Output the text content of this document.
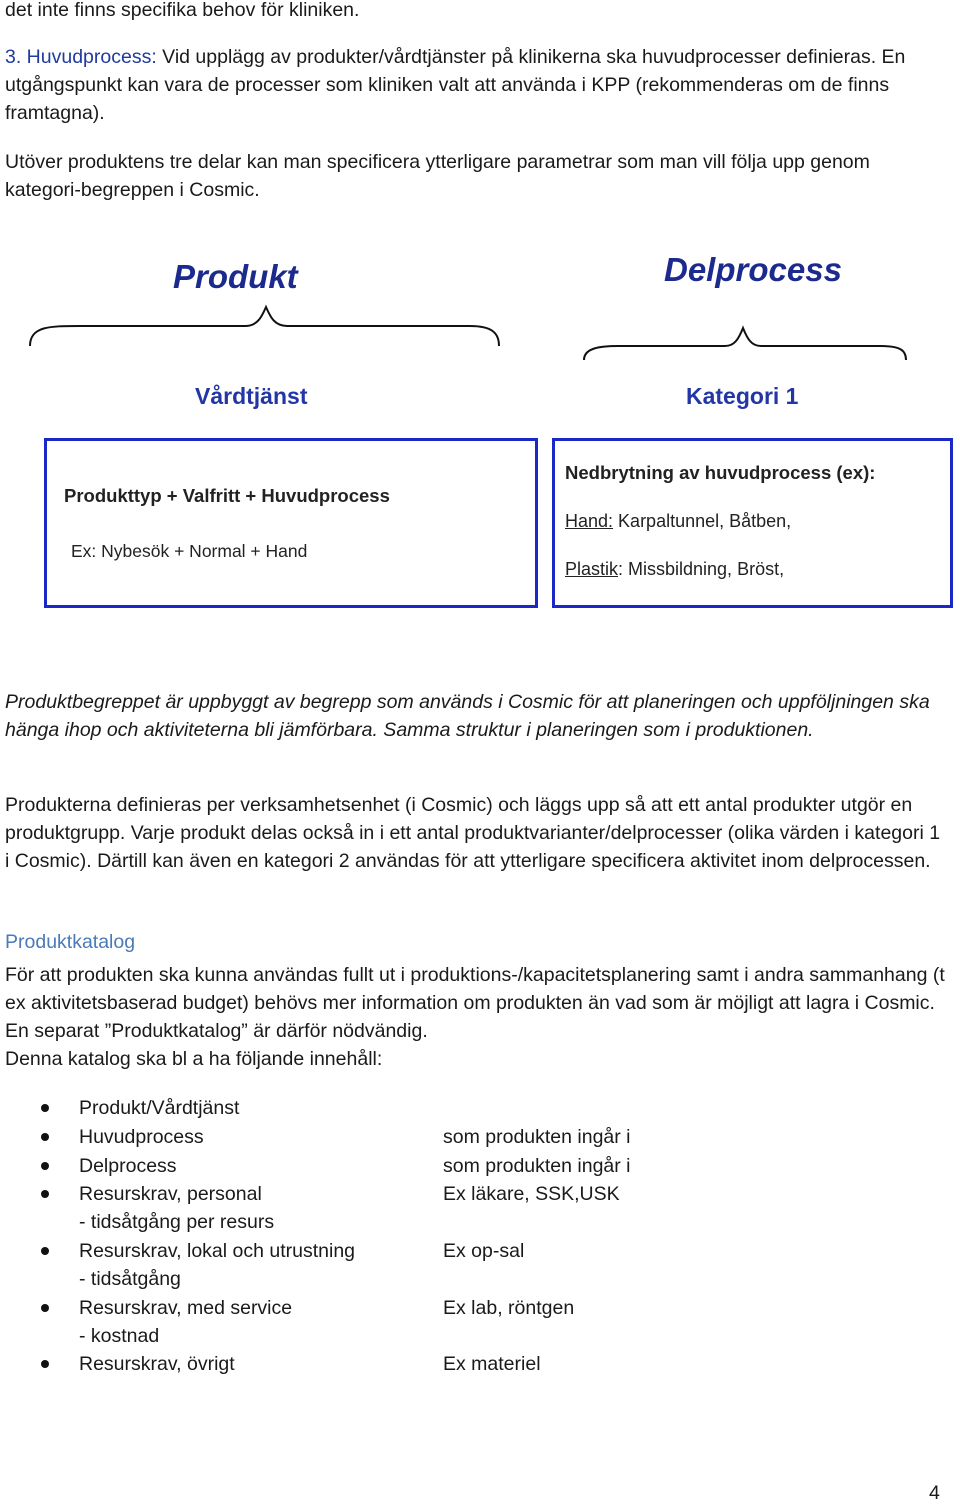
det inte finns specifika behov för kliniken.
3. Huvudprocess: Vid upplägg av produkter/vårdtjänster på klinikerna ska huvudprocesser definieras. En utgångspunkt kan vara de processer som kliniken valt att använda i KPP (rekommenderas om de finns framtagna).
Utöver produktens tre delar kan man specificera ytterligare parametrar som man vill följa upp genom kategori-begreppen i Cosmic.
Produkt	Delprocess
Vårdtjänst	Kategori 1
Produkttyp + Valfritt + Huvudprocess
Ex: Nybesök + Normal + Hand
Nedbrytning av huvudprocess (ex):
Hand: Karpaltunnel, Båtben,
Plastik: Missbildning, Bröst,
Produktbegreppet är uppbyggt av begrepp som används i Cosmic för att planeringen och uppföljningen ska hänga ihop och aktiviteterna bli jämförbara. Samma struktur i planeringen som i produktionen.
Produkterna definieras per verksamhetsenhet (i Cosmic) och läggs upp så att ett antal produkter utgör en produktgrupp. Varje produkt delas också in i ett antal produktvarianter/delprocesser (olika värden i kategori 1 i Cosmic). Därtill kan även en kategori 2 användas för att ytterligare specificera aktivitet inom delprocessen.
Produktkatalog
För att produkten ska kunna användas fullt ut i produktions-/kapacitetsplanering samt i andra sammanhang (t ex aktivitetsbaserad budget) behövs mer information om produkten än vad som är möjligt att lagra i Cosmic. En separat ”Produktkatalog” är därför nödvändig.
Denna katalog ska bl a ha följande innehåll:
Produkt/Vårdtjänst
Huvudprocess	som produkten ingår i
Delprocess	som produkten ingår i
Resurskrav, personal	Ex läkare, SSK,USK
- tidsåtgång per resurs
Resurskrav, lokal och utrustning	Ex op-sal
- tidsåtgång
Resurskrav, med service	Ex lab, röntgen
- kostnad
Resurskrav, övrigt	Ex materiel
4
